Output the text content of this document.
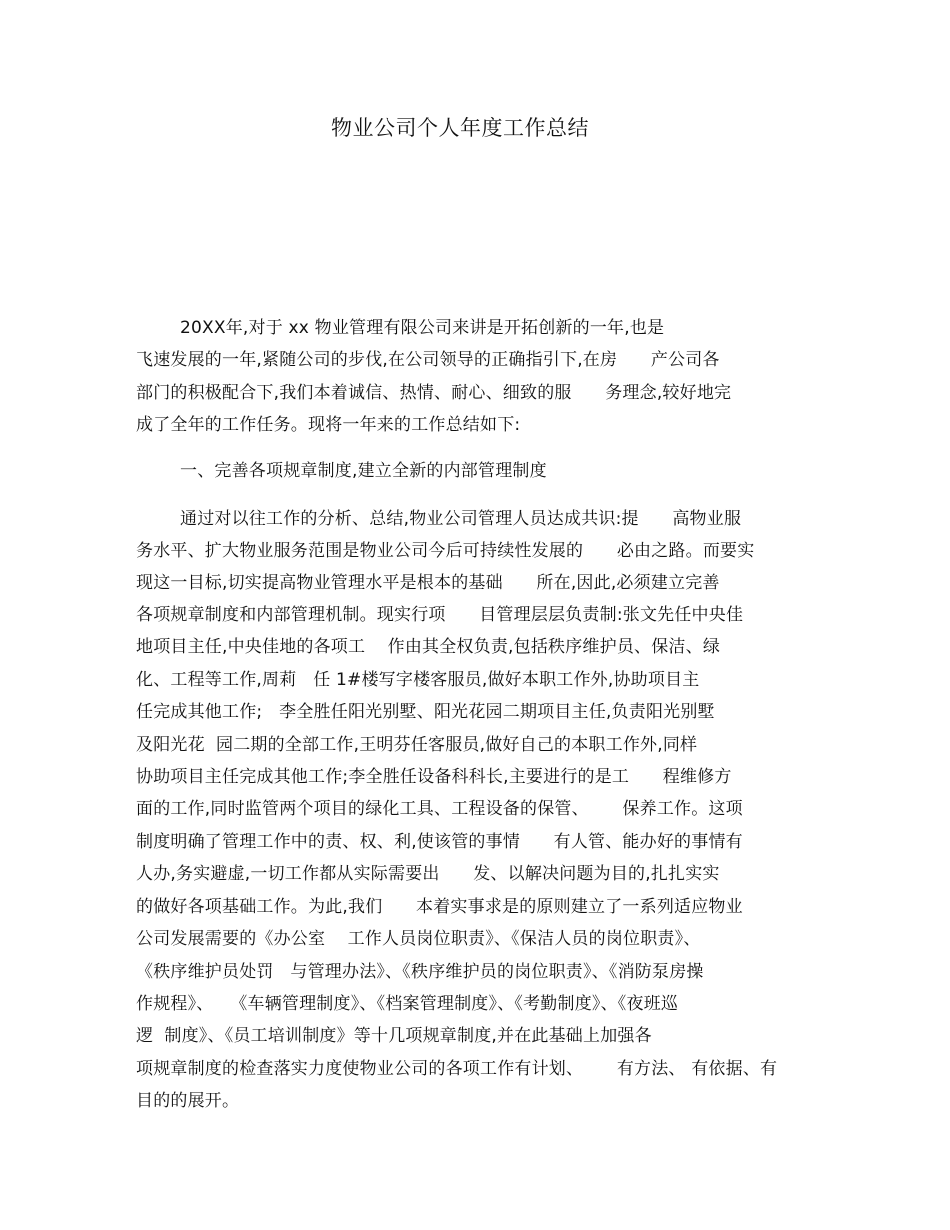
物业公司个人年度工作总结
20XX年,对于 xx 物业管理有限公司来讲是开拓创新的一年,也是
飞速发展的一年,紧随公司的步伐,在公司领导的正确指引下,在房      产公司各
部门的积极配合下,我们本着诚信、热情、耐心、细致的服      务理念,较好地完
成了全年的工作任务。现将一年来的工作总结如下:
一、完善各项规章制度,建立全新的内部管理制度
通过对以往工作的分析、总结,物业公司管理人员达成共识:提      高物业服
务水平、扩大物业服务范围是物业公司今后可持续性发展的      必由之路。而要实
现这一目标,切实提高物业管理水平是根本的基础      所在,因此,必须建立完善
各项规章制度和内部管理机制。现实行项      目管理层层负责制:张文先任中央佳
地项目主任,中央佳地的各项工    作由其全权负责,包括秩序维护员、保洁、绿
化、工程等工作,周莉   任 1#楼写字楼客服员,做好本职工作外,协助项目主
任完成其他工作;   李全胜任阳光别墅、阳光花园二期项目主任,负责阳光别墅
及阳光花  园二期的全部工作,王明芬任客服员,做好自己的本职工作外,同样
协助项目主任完成其他工作;李全胜任设备科科长,主要进行的是工      程维修方
面的工作,同时监管两个项目的绿化工具、工程设备的保管、      保养工作。这项
制度明确了管理工作中的责、权、利,使该管的事情      有人管、能办好的事情有
人办,务实避虚,一切工作都从实际需要出      发、以解决问题为目的,扎扎实实
的做好各项基础工作。为此,我们      本着实事求是的原则建立了一系列适应物业
公司发展需要的《办公室    工作人员岗位职责》、《保洁人员的岗位职责》、
《秩序维护员处罚   与管理办法》、《秩序维护员的岗位职责》、《消防泵房操
作规程》、   《车辆管理制度》、《档案管理制度》、《考勤制度》、《夜班巡
逻  制度》、《员工培训制度》等十几项规章制度,并在此基础上加强各
项规章制度的检查落实力度使物业公司的各项工作有计划、      有方法、 有依据、有
目的的展开。
